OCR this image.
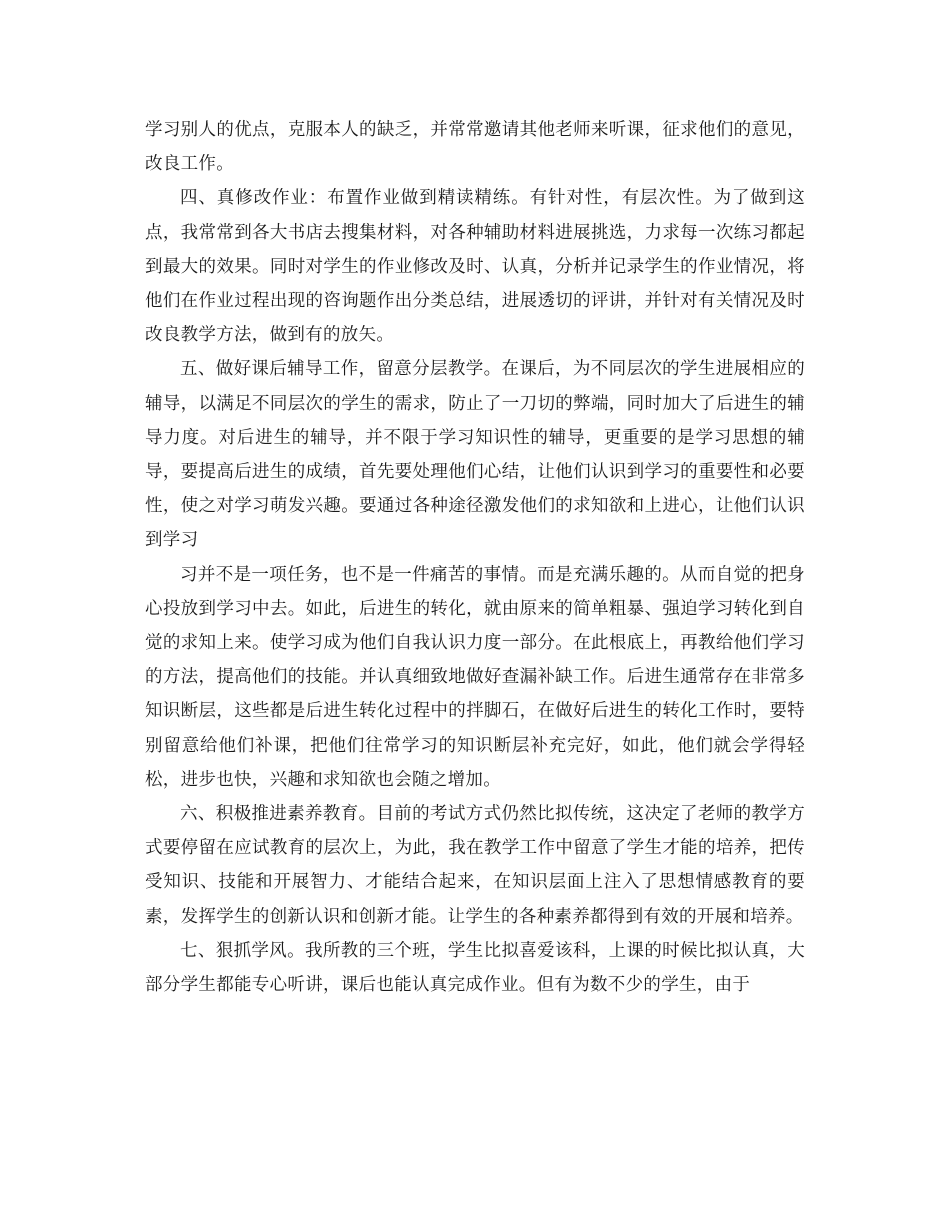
学习别人的优点，克服本人的缺乏，并常常邀请其他老师来听课，征求他们的意见，改良工作。

四、真修改作业：布置作业做到精读精练。有针对性，有层次性。为了做到这点，我常常到各大书店去搜集材料，对各种辅助材料进展挑选，力求每一次练习都起到最大的效果。同时对学生的作业修改及时、认真，分析并记录学生的作业情况，将他们在作业过程出现的咨询题作出分类总结，进展透切的评讲，并针对有关情况及时改良教学方法，做到有的放矢。

五、做好课后辅导工作，留意分层教学。在课后，为不同层次的学生进展相应的辅导，以满足不同层次的学生的需求，防止了一刀切的弊端，同时加大了后进生的辅导力度。对后进生的辅导，并不限于学习知识性的辅导，更重要的是学习思想的辅导，要提高后进生的成绩，首先要处理他们心结，让他们认识到学习的重要性和必要性，使之对学习萌发兴趣。要通过各种途径激发他们的求知欲和上进心，让他们认识到学习

习并不是一项任务，也不是一件痛苦的事情。而是充满乐趣的。从而自觉的把身心投放到学习中去。如此，后进生的转化，就由原来的简单粗暴、强迫学习转化到自觉的求知上来。使学习成为他们自我认识力度一部分。在此根底上，再教给他们学习的方法，提高他们的技能。并认真细致地做好查漏补缺工作。后进生通常存在非常多知识断层，这些都是后进生转化过程中的拌脚石，在做好后进生的转化工作时，要特别留意给他们补课，把他们往常学习的知识断层补充完好，如此，他们就会学得轻松，进步也快，兴趣和求知欲也会随之增加。

六、积极推进素养教育。目前的考试方式仍然比拟传统，这决定了老师的教学方式要停留在应试教育的层次上，为此，我在教学工作中留意了学生才能的培养，把传受知识、技能和开展智力、才能结合起来，在知识层面上注入了思想情感教育的要素，发挥学生的创新认识和创新才能。让学生的各种素养都得到有效的开展和培养。

七、狠抓学风。我所教的三个班，学生比拟喜爱该科，上课的时候比拟认真，大部分学生都能专心听讲，课后也能认真完成作业。但有为数不少的学生，由于
